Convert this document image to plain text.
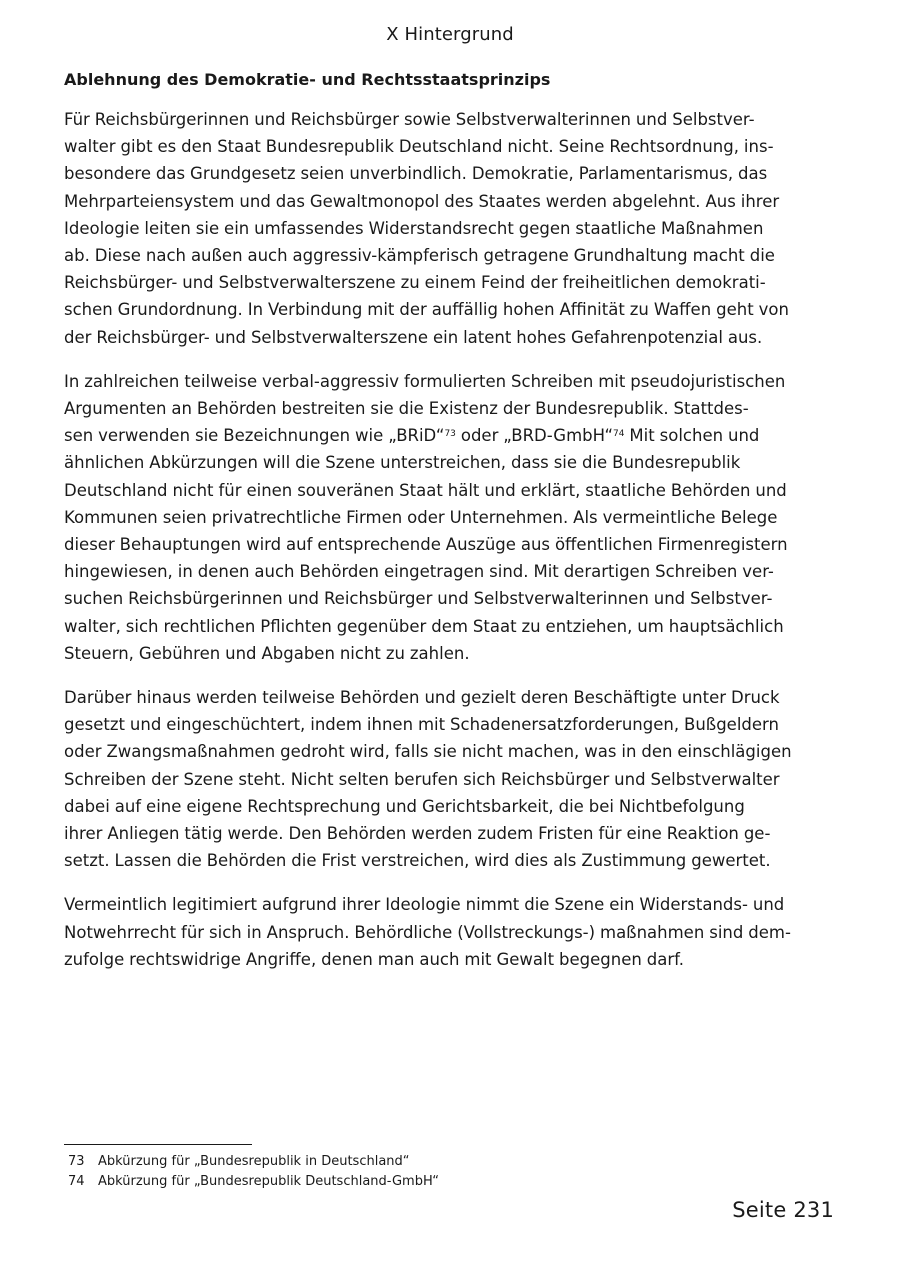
X Hintergrund
Ablehnung des Demokratie- und Rechtsstaatsprinzips

Für Reichsbürgerinnen und Reichsbürger sowie Selbstverwalterinnen und Selbstver-
walter gibt es den Staat Bundesrepublik Deutschland nicht. Seine Rechtsordnung, ins-
besondere das Grundgesetz seien unverbindlich. Demokratie, Parlamentarismus, das
Mehrparteiensystem und das Gewaltmonopol des Staates werden abgelehnt. Aus ihrer
Ideologie leiten sie ein umfassendes Widerstandsrecht gegen staatliche Maßnahmen
ab. Diese nach außen auch aggressiv-kämpferisch getragene Grundhaltung macht die
Reichsbürger- und Selbstverwalterszene zu einem Feind der freiheitlichen demokrati-
schen Grundordnung. In Verbindung mit der auffällig hohen Affinität zu Waffen geht von
der Reichsbürger- und Selbstverwalterszene ein latent hohes Gefahrenpotenzial aus.

In zahlreichen teilweise verbal-aggressiv formulierten Schreiben mit pseudojuristischen
Argumenten an Behörden bestreiten sie die Existenz der Bundesrepublik. Stattdes-
sen verwenden sie Bezeichnungen wie „BRiD“$^{73}$ oder „BRD-GmbH“$^{74}$ Mit solchen und
ähnlichen Abkürzungen will die Szene unterstreichen, dass sie die Bundesrepublik
Deutschland nicht für einen souveränen Staat hält und erklärt, staatliche Behörden und
Kommunen seien privatrechtliche Firmen oder Unternehmen. Als vermeintliche Belege
dieser Behauptungen wird auf entsprechende Auszüge aus öffentlichen Firmenregistern
hingewiesen, in denen auch Behörden eingetragen sind. Mit derartigen Schreiben ver-
suchen Reichsbürgerinnen und Reichsbürger und Selbstverwalterinnen und Selbstver-
walter, sich rechtlichen Pflichten gegenüber dem Staat zu entziehen, um hauptsächlich
Steuern, Gebühren und Abgaben nicht zu zahlen.

Darüber hinaus werden teilweise Behörden und gezielt deren Beschäftigte unter Druck
gesetzt und eingeschüchtert, indem ihnen mit Schadenersatzforderungen, Bußgeldern
oder Zwangsmaßnahmen gedroht wird, falls sie nicht machen, was in den einschlägigen
Schreiben der Szene steht. Nicht selten berufen sich Reichsbürger und Selbstverwalter
dabei auf eine eigene Rechtsprechung und Gerichtsbarkeit, die bei Nichtbefolgung
ihrer Anliegen tätig werde. Den Behörden werden zudem Fristen für eine Reaktion ge-
setzt. Lassen die Behörden die Frist verstreichen, wird dies als Zustimmung gewertet.

Vermeintlich legitimiert aufgrund ihrer Ideologie nimmt die Szene ein Widerstands- und
Notwehrrecht für sich in Anspruch. Behördliche (Vollstreckungs-) maßnahmen sind dem-
zufolge rechtswidrige Angriffe, denen man auch mit Gewalt begegnen darf.

73	Abkürzung für „Bundesrepublik in Deutschland“
74	Abkürzung für „Bundesrepublik Deutschland-GmbH“
Seite 231
